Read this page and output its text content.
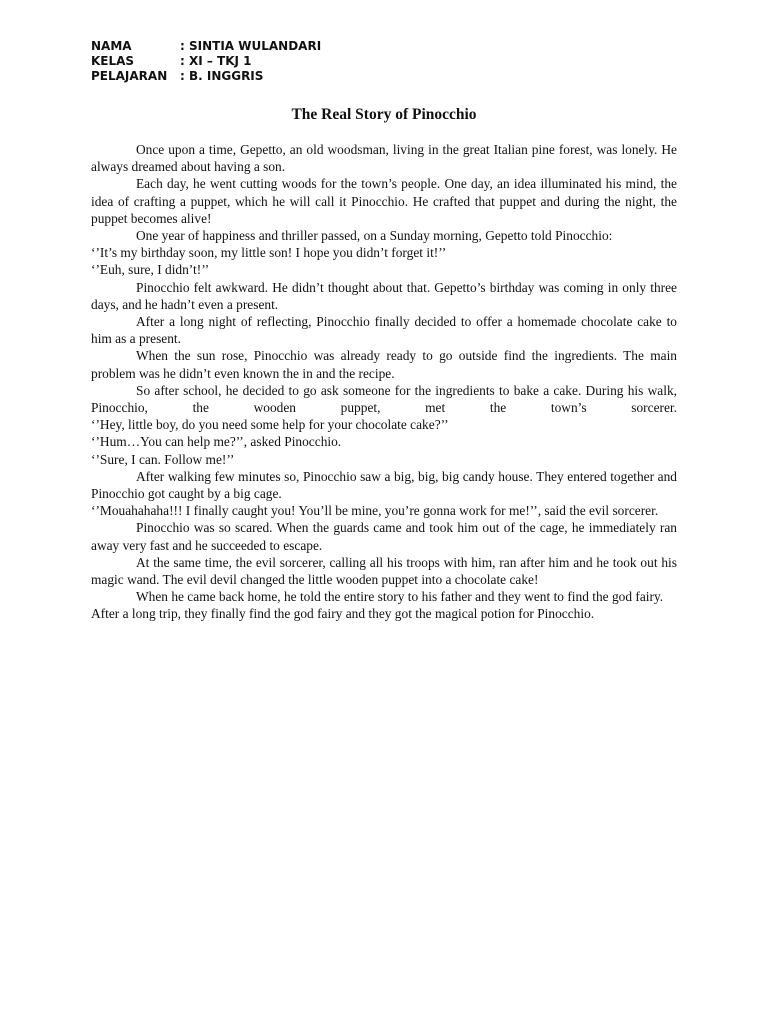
NAMA	: SINTIA WULANDARI
KELAS	: XI – TKJ 1
PELAJARAN	: B. INGGRIS
The Real Story of Pinocchio

Once upon a time, Gepetto, an old woodsman, living in the great Italian pine forest, was lonely. He always dreamed about having a son.

Each day, he went cutting woods for the town’s people. One day, an idea illuminated his mind, the idea of crafting a puppet, which he will call it Pinocchio. He crafted that puppet and during the night, the puppet becomes alive!

One year of happiness and thriller passed, on a Sunday morning, Gepetto told Pinocchio:

‘’It’s my birthday soon, my little son! I hope you didn’t forget it!’’

‘’Euh, sure, I didn’t!’’

Pinocchio felt awkward. He didn’t thought about that. Gepetto’s birthday was coming in only three days, and he hadn’t even a present.

After a long night of reflecting, Pinocchio finally decided to offer a homemade chocolate cake to him as a present.

When the sun rose, Pinocchio was already ready to go outside find the ingredients. The main problem was he didn’t even known the in and the recipe.

So after school, he decided to go ask someone for the ingredients to bake a cake. During his walk, Pinocchio, the wooden puppet, met the town’s sorcerer.

‘’Hey, little boy, do you need some help for your chocolate cake?’’

‘’Hum…You can help me?’’, asked Pinocchio.

‘’Sure, I can. Follow me!’’

After walking few minutes so, Pinocchio saw a big, big, big candy house. They entered together and Pinocchio got caught by a big cage.

‘’Mouahahaha!!! I finally caught you! You’ll be mine, you’re gonna work for me!’’, said the evil sorcerer.

Pinocchio was so scared. When the guards came and took him out of the cage, he immediately ran away very fast and he succeeded to escape.

At the same time, the evil sorcerer, calling all his troops with him, ran after him and he took out his magic wand. The evil devil changed the little wooden puppet into a chocolate cake!

When he came back home, he told the entire story to his father and they went to find the god fairy.

After a long trip, they finally find the god fairy and they got the magical potion for Pinocchio.
